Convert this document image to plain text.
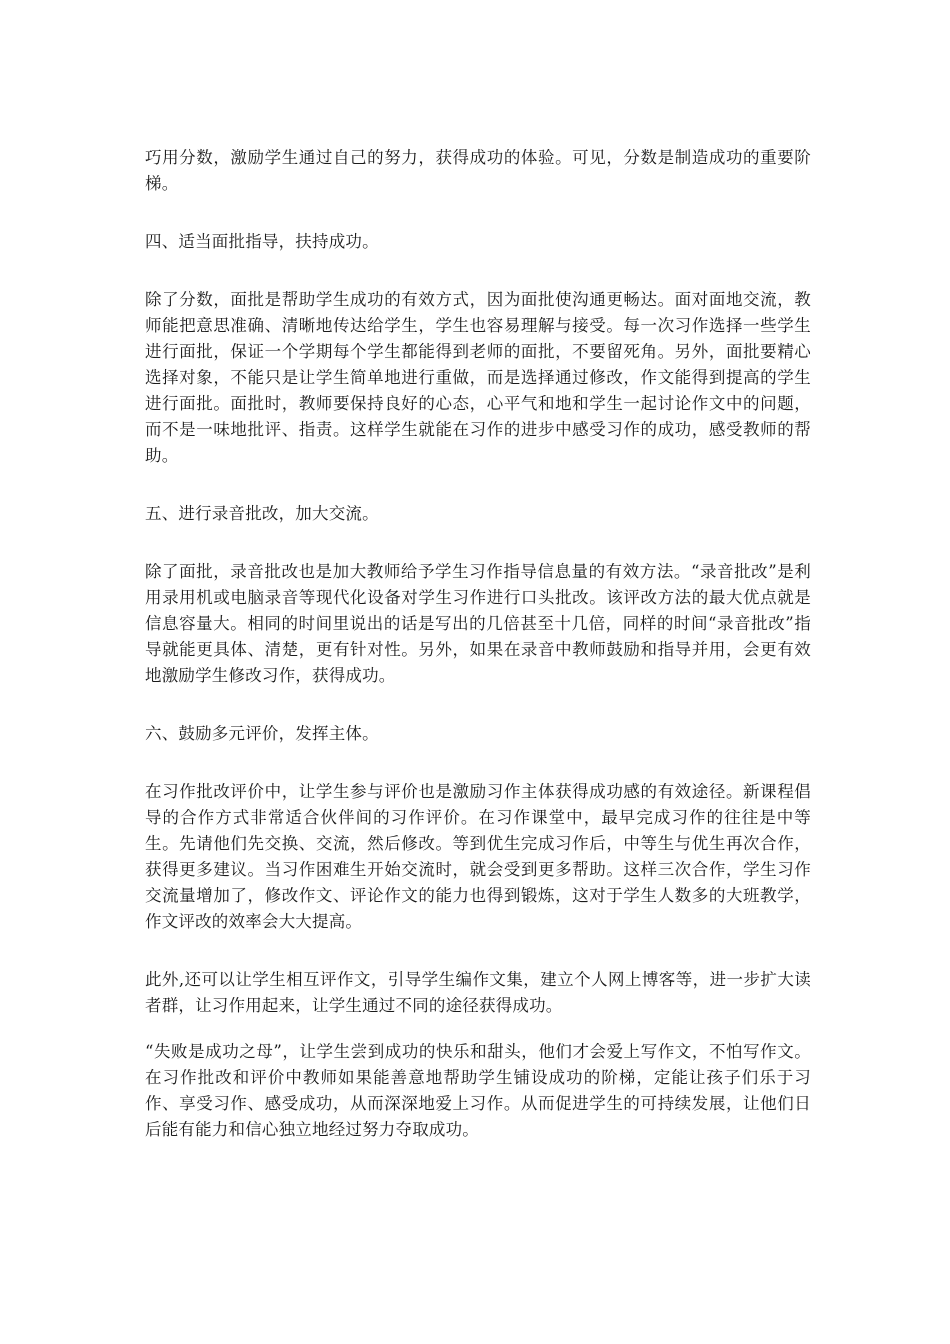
巧用分数，激励学生通过自己的努力，获得成功的体验。可见，分数是制造成功的重要阶梯。

四、适当面批指导，扶持成功。

除了分数，面批是帮助学生成功的有效方式，因为面批使沟通更畅达。面对面地交流，教师能把意思准确、清晰地传达给学生，学生也容易理解与接受。每一次习作选择一些学生进行面批，保证一个学期每个学生都能得到老师的面批，不要留死角。另外，面批要精心选择对象，不能只是让学生简单地进行重做，而是选择通过修改，作文能得到提高的学生进行面批。面批时，教师要保持良好的心态，心平气和地和学生一起讨论作文中的问题，而不是一味地批评、指责。这样学生就能在习作的进步中感受习作的成功，感受教师的帮助。

五、进行录音批改，加大交流。

除了面批，录音批改也是加大教师给予学生习作指导信息量的有效方法。“录音批改”是利用录用机或电脑录音等现代化设备对学生习作进行口头批改。该评改方法的最大优点就是信息容量大。相同的时间里说出的话是写出的几倍甚至十几倍，同样的时间“录音批改”指导就能更具体、清楚，更有针对性。另外，如果在录音中教师鼓励和指导并用，会更有效地激励学生修改习作，获得成功。

六、鼓励多元评价，发挥主体。

在习作批改评价中，让学生参与评价也是激励习作主体获得成功感的有效途径。新课程倡导的合作方式非常适合伙伴间的习作评价。在习作课堂中，最早完成习作的往往是中等生。先请他们先交换、交流，然后修改。等到优生完成习作后，中等生与优生再次合作，获得更多建议。当习作困难生开始交流时，就会受到更多帮助。这样三次合作，学生习作交流量增加了，修改作文、评论作文的能力也得到锻炼，这对于学生人数多的大班教学，作文评改的效率会大大提高。

此外,还可以让学生相互评作文，引导学生编作文集，建立个人网上博客等，进一步扩大读者群，让习作用起来，让学生通过不同的途径获得成功。

“失败是成功之母”，让学生尝到成功的快乐和甜头，他们才会爱上写作文，不怕写作文。在习作批改和评价中教师如果能善意地帮助学生铺设成功的阶梯，定能让孩子们乐于习作、享受习作、感受成功，从而深深地爱上习作。从而促进学生的可持续发展，让他们日后能有能力和信心独立地经过努力夺取成功。
